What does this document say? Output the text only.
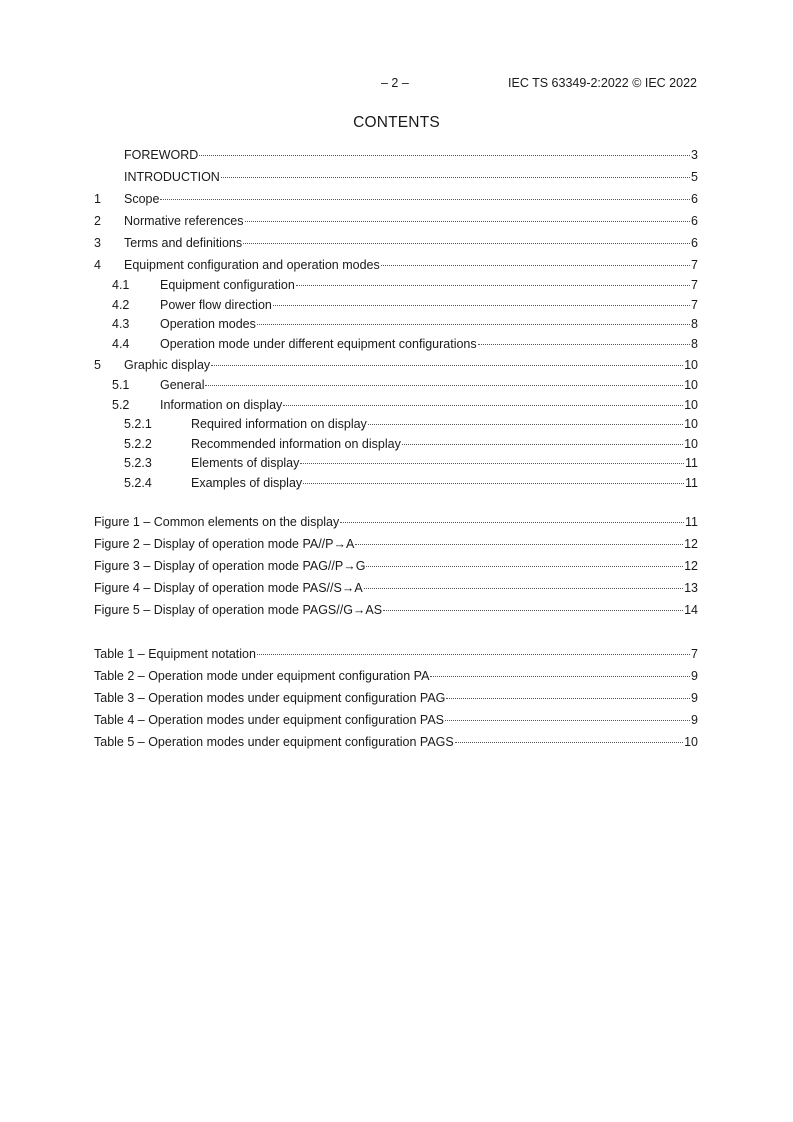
– 2 –	IEC TS 63349-2:2022 © IEC 2022
CONTENTS
FOREWORD	3
INTRODUCTION	5
1	Scope	6
2	Normative references	6
3	Terms and definitions	6
4	Equipment configuration and operation modes	7
4.1	Equipment configuration	7
4.2	Power flow direction	7
4.3	Operation modes	8
4.4	Operation mode under different equipment configurations	8
5	Graphic display	10
5.1	General	10
5.2	Information on display	10
5.2.1	Required information on display	10
5.2.2	Recommended information on display	10
5.2.3	Elements of display	11
5.2.4	Examples of display	11
Figure 1 – Common elements on the display	11
Figure 2 – Display of operation mode PA//P→A	12
Figure 3 – Display of operation mode PAG//P→G	12
Figure 4 – Display of operation mode PAS//S→A	13
Figure 5 – Display of operation mode PAGS//G→AS	14
Table 1 – Equipment notation	7
Table 2 – Operation mode under equipment configuration PA	9
Table 3 – Operation modes under equipment configuration PAG	9
Table 4 – Operation modes under equipment configuration PAS	9
Table 5 – Operation modes under equipment configuration PAGS	10
